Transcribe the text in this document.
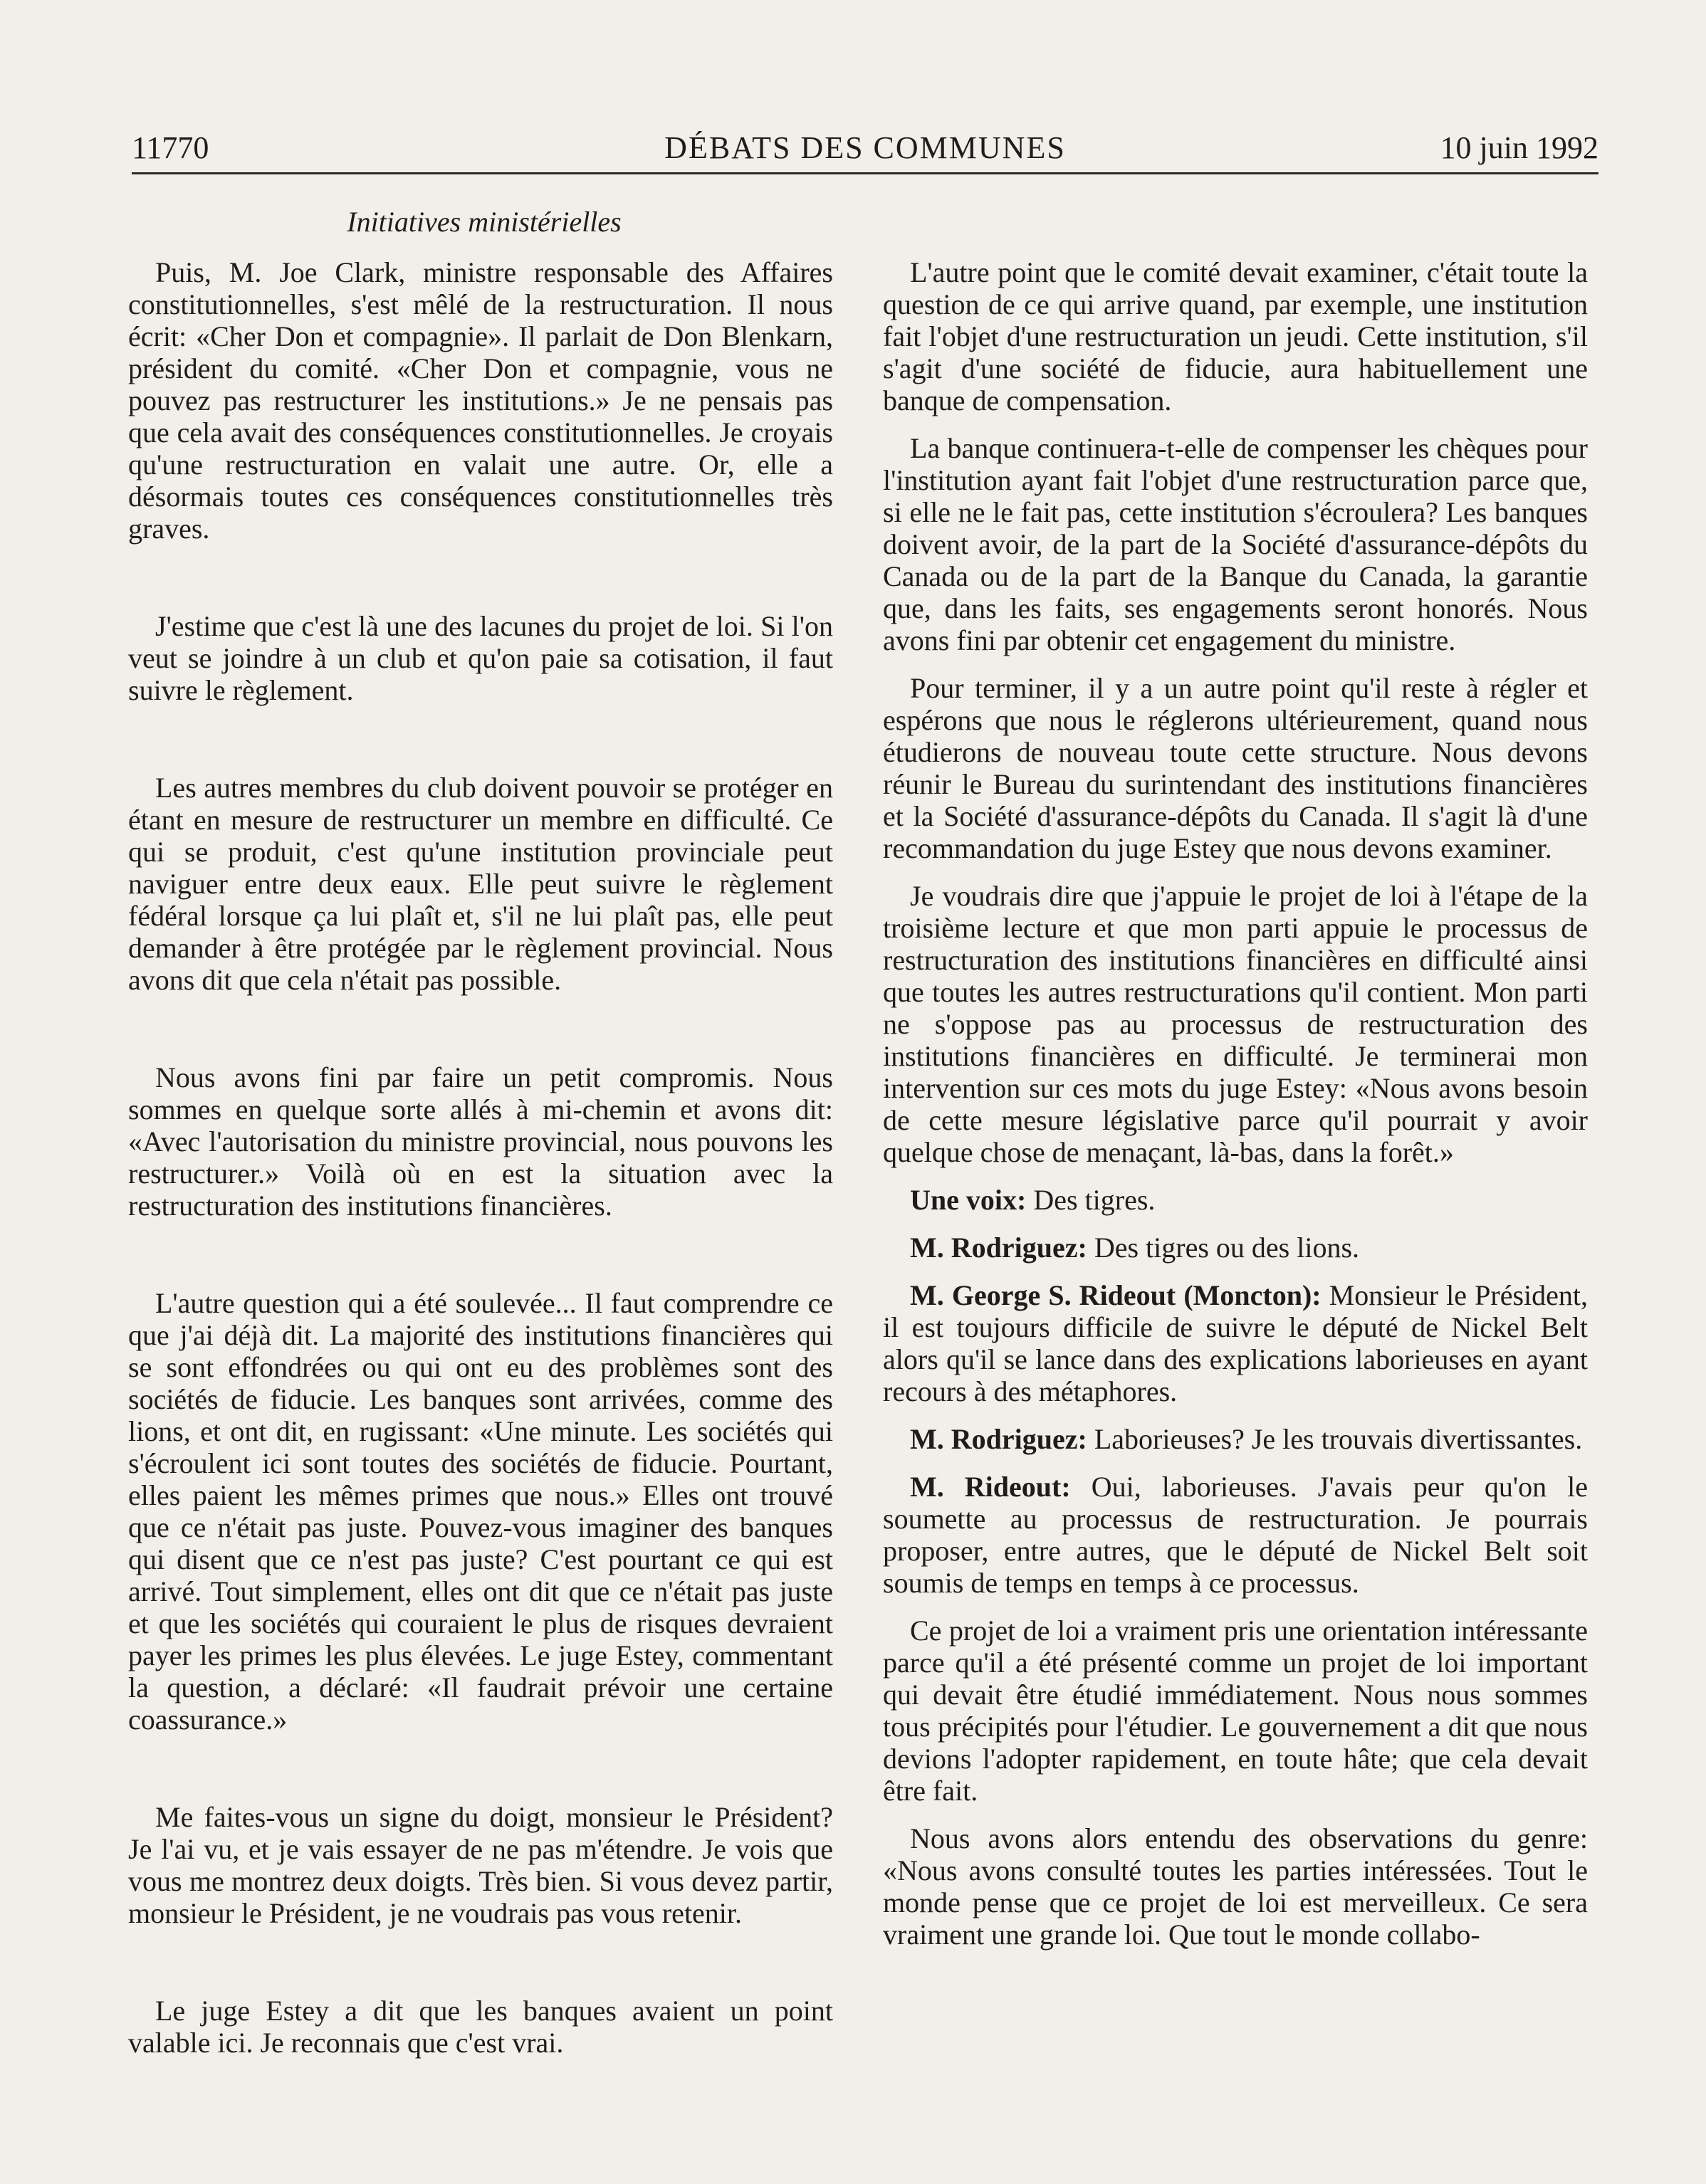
11770	DÉBATS DES COMMUNES	10 juin 1992
Initiatives ministérielles

Puis, M. Joe Clark, ministre responsable des Affaires constitutionnelles, s'est mêlé de la restructuration. Il nous écrit: «Cher Don et compagnie». Il parlait de Don Blenkarn, président du comité. «Cher Don et compagnie, vous ne pouvez pas restructurer les institutions.» Je ne pensais pas que cela avait des conséquences constitutionnelles. Je croyais qu'une restructuration en valait une autre. Or, elle a désormais toutes ces conséquences constitutionnelles très graves.

J'estime que c'est là une des lacunes du projet de loi. Si l'on veut se joindre à un club et qu'on paie sa cotisation, il faut suivre le règlement.

Les autres membres du club doivent pouvoir se protéger en étant en mesure de restructurer un membre en difficulté. Ce qui se produit, c'est qu'une institution provinciale peut naviguer entre deux eaux. Elle peut suivre le règlement fédéral lorsque ça lui plaît et, s'il ne lui plaît pas, elle peut demander à être protégée par le règlement provincial. Nous avons dit que cela n'était pas possible.

Nous avons fini par faire un petit compromis. Nous sommes en quelque sorte allés à mi-chemin et avons dit: «Avec l'autorisation du ministre provincial, nous pouvons les restructurer.» Voilà où en est la situation avec la restructuration des institutions financières.

L'autre question qui a été soulevée... Il faut comprendre ce que j'ai déjà dit. La majorité des institutions financières qui se sont effondrées ou qui ont eu des problèmes sont des sociétés de fiducie. Les banques sont arrivées, comme des lions, et ont dit, en rugissant: «Une minute. Les sociétés qui s'écroulent ici sont toutes des sociétés de fiducie. Pourtant, elles paient les mêmes primes que nous.» Elles ont trouvé que ce n'était pas juste. Pouvez-vous imaginer des banques qui disent que ce n'est pas juste? C'est pourtant ce qui est arrivé. Tout simplement, elles ont dit que ce n'était pas juste et que les sociétés qui couraient le plus de risques devraient payer les primes les plus élevées. Le juge Estey, commentant la question, a déclaré: «Il faudrait prévoir une certaine coassurance.»

Me faites-vous un signe du doigt, monsieur le Président? Je l'ai vu, et je vais essayer de ne pas m'étendre. Je vois que vous me montrez deux doigts. Très bien. Si vous devez partir, monsieur le Président, je ne voudrais pas vous retenir.

Le juge Estey a dit que les banques avaient un point valable ici. Je reconnais que c'est vrai.

L'autre point que le comité devait examiner, c'était toute la question de ce qui arrive quand, par exemple, une institution fait l'objet d'une restructuration un jeudi. Cette institution, s'il s'agit d'une société de fiducie, aura habituellement une banque de compensation.

La banque continuera-t-elle de compenser les chèques pour l'institution ayant fait l'objet d'une restructuration parce que, si elle ne le fait pas, cette institution s'écroulera? Les banques doivent avoir, de la part de la Société d'assurance-dépôts du Canada ou de la part de la Banque du Canada, la garantie que, dans les faits, ses engagements seront honorés. Nous avons fini par obtenir cet engagement du ministre.

Pour terminer, il y a un autre point qu'il reste à régler et espérons que nous le réglerons ultérieurement, quand nous étudierons de nouveau toute cette structure. Nous devons réunir le Bureau du surintendant des institutions financières et la Société d'assurance-dépôts du Canada. Il s'agit là d'une recommandation du juge Estey que nous devons examiner.

Je voudrais dire que j'appuie le projet de loi à l'étape de la troisième lecture et que mon parti appuie le processus de restructuration des institutions financières en difficulté ainsi que toutes les autres restructurations qu'il contient. Mon parti ne s'oppose pas au processus de restructuration des institutions financières en difficulté. Je terminerai mon intervention sur ces mots du juge Estey: «Nous avons besoin de cette mesure législative parce qu'il pourrait y avoir quelque chose de menaçant, là-bas, dans la forêt.»

Une voix: Des tigres.

M. Rodriguez: Des tigres ou des lions.

M. George S. Rideout (Moncton): Monsieur le Président, il est toujours difficile de suivre le député de Nickel Belt alors qu'il se lance dans des explications laborieuses en ayant recours à des métaphores.

M. Rodriguez: Laborieuses? Je les trouvais divertissantes.

M. Rideout: Oui, laborieuses. J'avais peur qu'on le soumette au processus de restructuration. Je pourrais proposer, entre autres, que le député de Nickel Belt soit soumis de temps en temps à ce processus.

Ce projet de loi a vraiment pris une orientation intéressante parce qu'il a été présenté comme un projet de loi important qui devait être étudié immédiatement. Nous nous sommes tous précipités pour l'étudier. Le gouvernement a dit que nous devions l'adopter rapidement, en toute hâte; que cela devait être fait.

Nous avons alors entendu des observations du genre: «Nous avons consulté toutes les parties intéressées. Tout le monde pense que ce projet de loi est merveilleux. Ce sera vraiment une grande loi. Que tout le monde collabo-
